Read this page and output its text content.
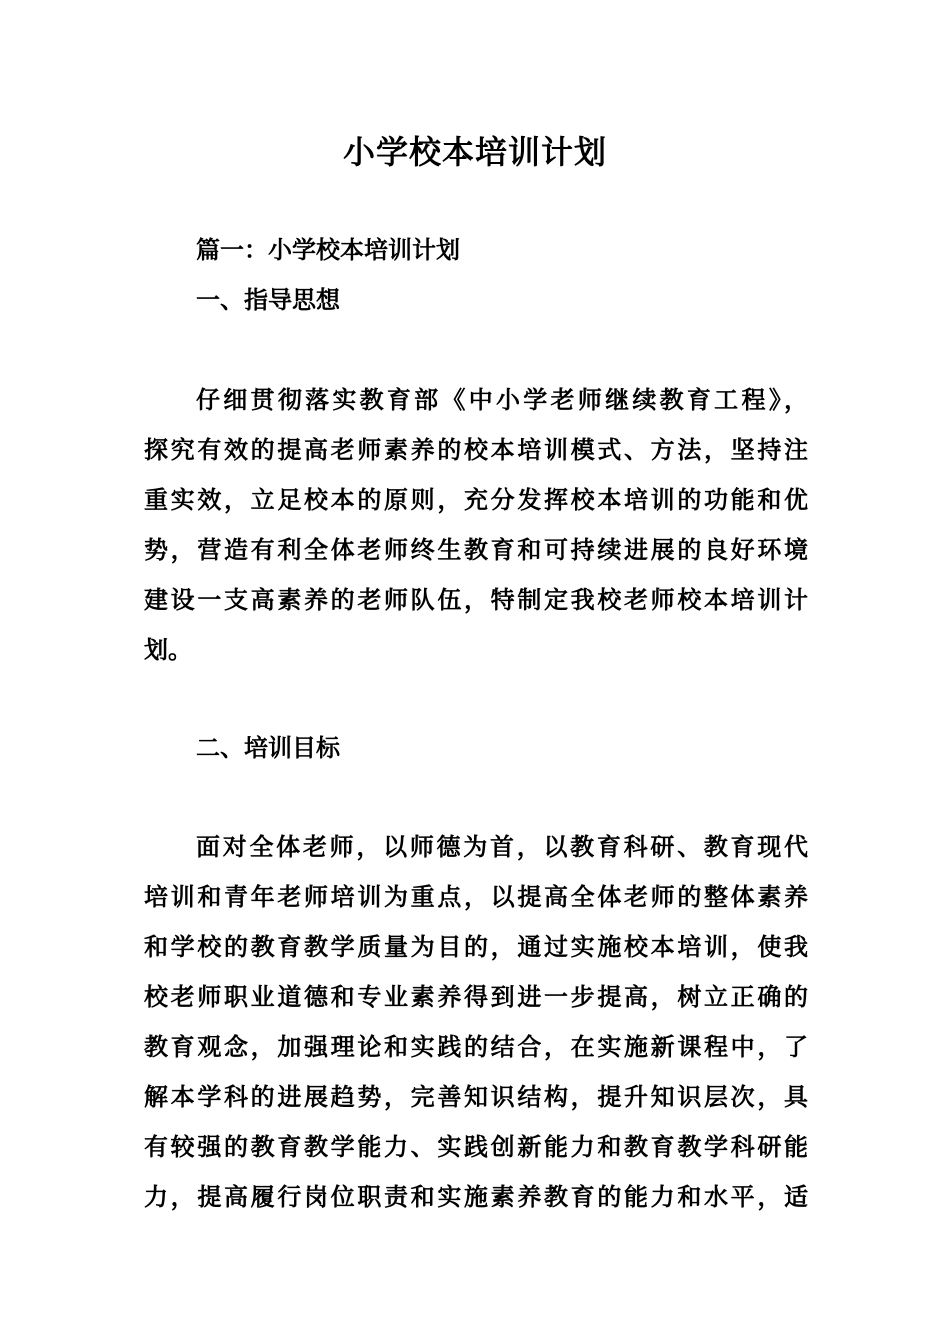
小学校本培训计划
篇一：小学校本培训计划
一、指导思想
仔细贯彻落实教育部《中小学老师继续教育工程》，
探究有效的提高老师素养的校本培训模式、方法，坚持注
重实效，立足校本的原则，充分发挥校本培训的功能和优
势，营造有利全体老师终生教育和可持续进展的良好环境
建设一支高素养的老师队伍，特制定我校老师校本培训计
划。
二、培训目标
面对全体老师，以师德为首，以教育科研、教育现代
培训和青年老师培训为重点，以提高全体老师的整体素养
和学校的教育教学质量为目的，通过实施校本培训，使我
校老师职业道德和专业素养得到进一步提高，树立正确的
教育观念，加强理论和实践的结合，在实施新课程中，了
解本学科的进展趋势，完善知识结构，提升知识层次，具
有较强的教育教学能力、实践创新能力和教育教学科研能
力，提高履行岗位职责和实施素养教育的能力和水平，适
